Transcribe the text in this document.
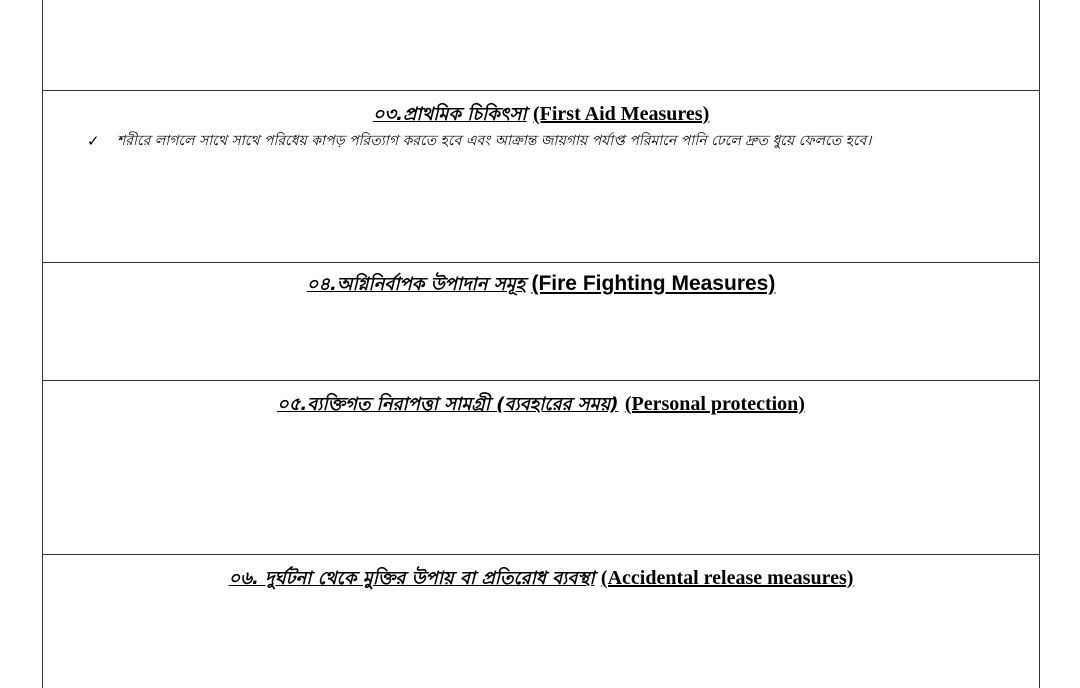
০৩.প্রাথমিক চিকিৎসা (First Aid Measures)
✓	শরীরে লাগলে সাথে সাথে পরিধেয় কাপড় পরিত্যাগ করতে হবে এবং আক্রান্ত জায়গায় পর্যাপ্ত পরিমানে পানি ঢেলে দ্রুত ধুয়ে ফেলতে হবে।
০৪.অগ্নিনির্বাপক উপাদান সমূহ (Fire Fighting Measures)
০৫.ব্যক্তিগত নিরাপত্তা সামগ্রী (ব্যবহারের সময়) (Personal protection)
০৬. দুর্ঘটনা থেকে মুক্তির উপায় বা প্রতিরোধ ব্যবস্থা (Accidental release measures)
